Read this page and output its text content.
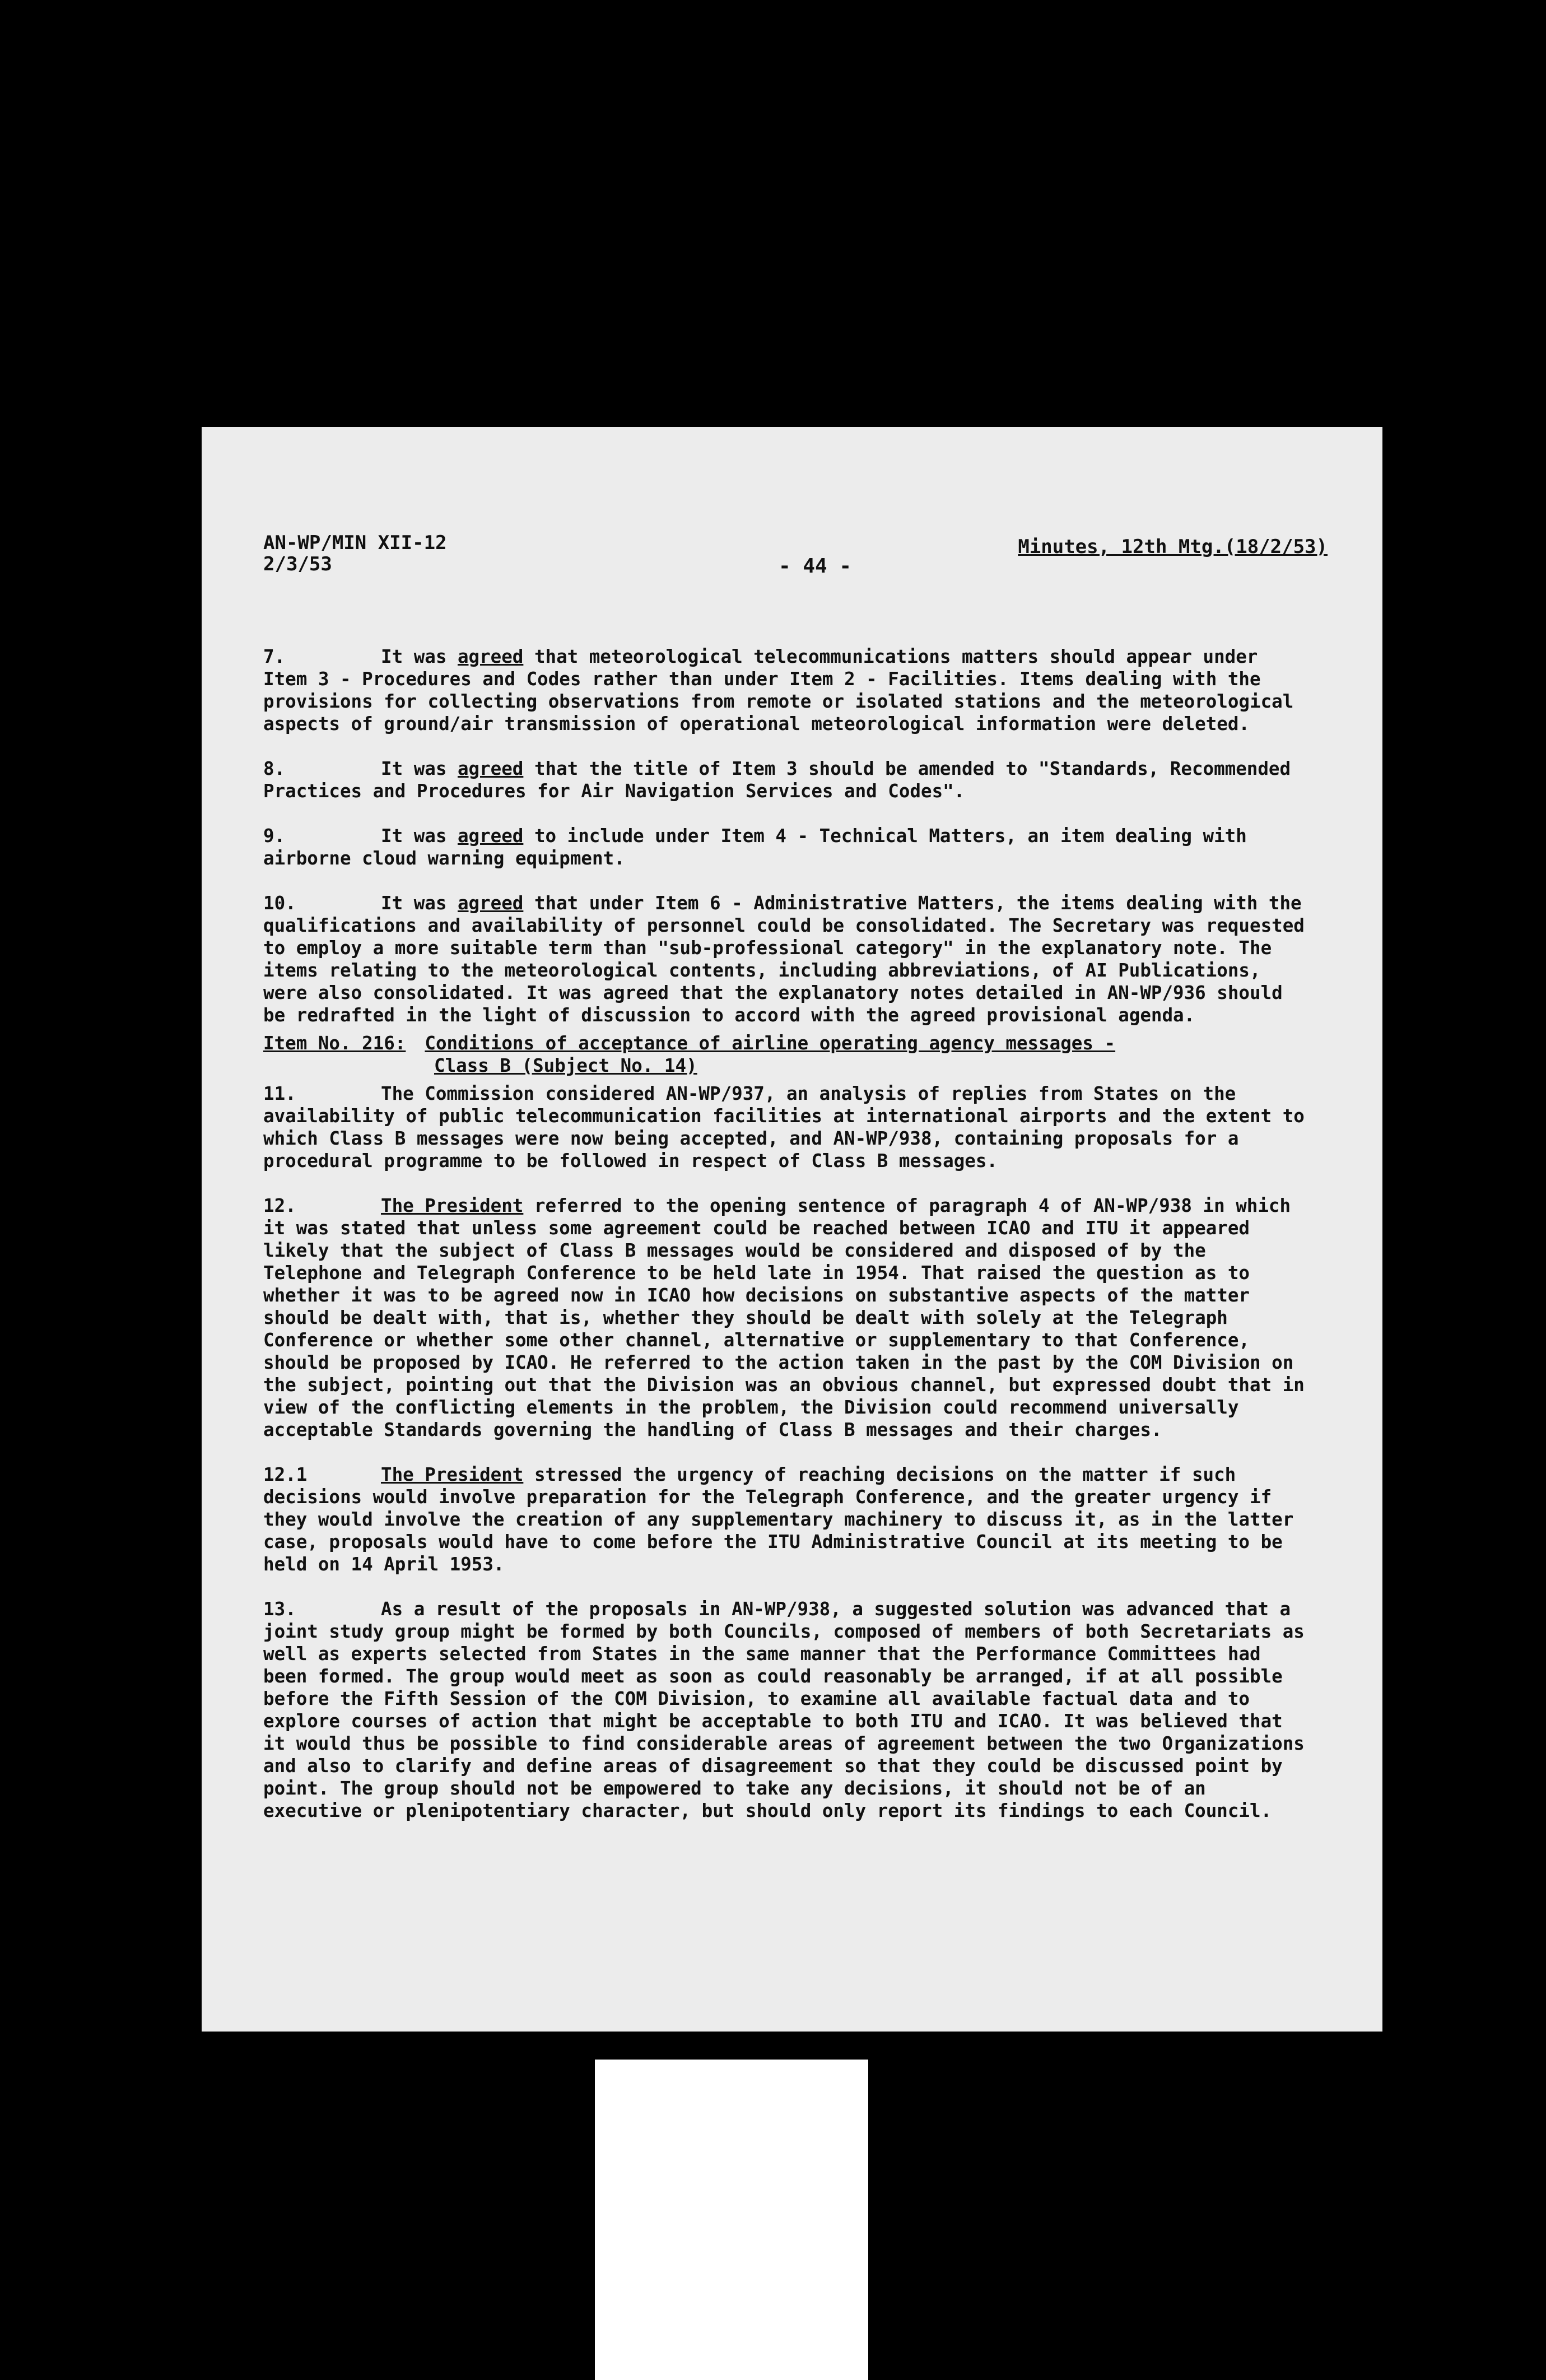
AN-WP/MIN XII-12
2/3/53	- 44 -
Minutes, 12th Mtg.(18/2/53)

7.	It was agreed that meteorological telecommunications matters should appear under Item 3 - Procedures and Codes rather than under Item 2 - Facilities. Items dealing with the provisions for collecting observations from remote or isolated stations and the meteorological aspects of ground/air transmission of operational meteorological information were deleted.

8.	It was agreed that the title of Item 3 should be amended to "Standards, Recommended Practices and Procedures for Air Navigation Services and Codes".

9.	It was agreed to include under Item 4 - Technical Matters, an item dealing with airborne cloud warning equipment.

10.	It was agreed that under Item 6 - Administrative Matters, the items dealing with the qualifications and availability of personnel could be consolidated. The Secretary was requested to employ a more suitable term than "sub-professional category" in the explanatory note. The items relating to the meteorological contents, including abbreviations, of AI Publications, were also consolidated. It was agreed that the explanatory notes detailed in AN-WP/936 should be redrafted in the light of discussion to accord with the agreed provisional agenda.

Item No. 216: Conditions of acceptance of airline operating agency messages -
Class B (Subject No. 14)

11.	The Commission considered AN-WP/937, an analysis of replies from States on the availability of public telecommunication facilities at international airports and the extent to which Class B messages were now being accepted, and AN-WP/938, containing proposals for a procedural programme to be followed in respect of Class B messages.

12.	The President referred to the opening sentence of paragraph 4 of AN-WP/938 in which it was stated that unless some agreement could be reached between ICAO and ITU it appeared likely that the subject of Class B messages would be considered and disposed of by the Telephone and Telegraph Conference to be held late in 1954. That raised the question as to whether it was to be agreed now in ICAO how decisions on substantive aspects of the matter should be dealt with, that is, whether they should be dealt with solely at the Telegraph Conference or whether some other channel, alternative or supplementary to that Conference, should be proposed by ICAO. He referred to the action taken in the past by the COM Division on the subject, pointing out that the Division was an obvious channel, but expressed doubt that in view of the conflicting elements in the problem, the Division could recommend universally acceptable Standards governing the handling of Class B messages and their charges.

12.1	The President stressed the urgency of reaching decisions on the matter if such decisions would involve preparation for the Telegraph Conference, and the greater urgency if they would involve the creation of any supplementary machinery to discuss it, as in the latter case, proposals would have to come before the ITU Administrative Council at its meeting to be held on 14 April 1953.

13.	As a result of the proposals in AN-WP/938, a suggested solution was advanced that a joint study group might be formed by both Councils, composed of members of both Secretariats as well as experts selected from States in the same manner that the Performance Committees had been formed. The group would meet as soon as could reasonably be arranged, if at all possible before the Fifth Session of the COM Division, to examine all available factual data and to explore courses of action that might be acceptable to both ITU and ICAO. It was believed that it would thus be possible to find considerable areas of agreement between the two Organizations and also to clarify and define areas of disagreement so that they could be discussed point by point. The group should not be empowered to take any decisions, it should not be of an executive or plenipotentiary character, but should only report its findings to each Council.
